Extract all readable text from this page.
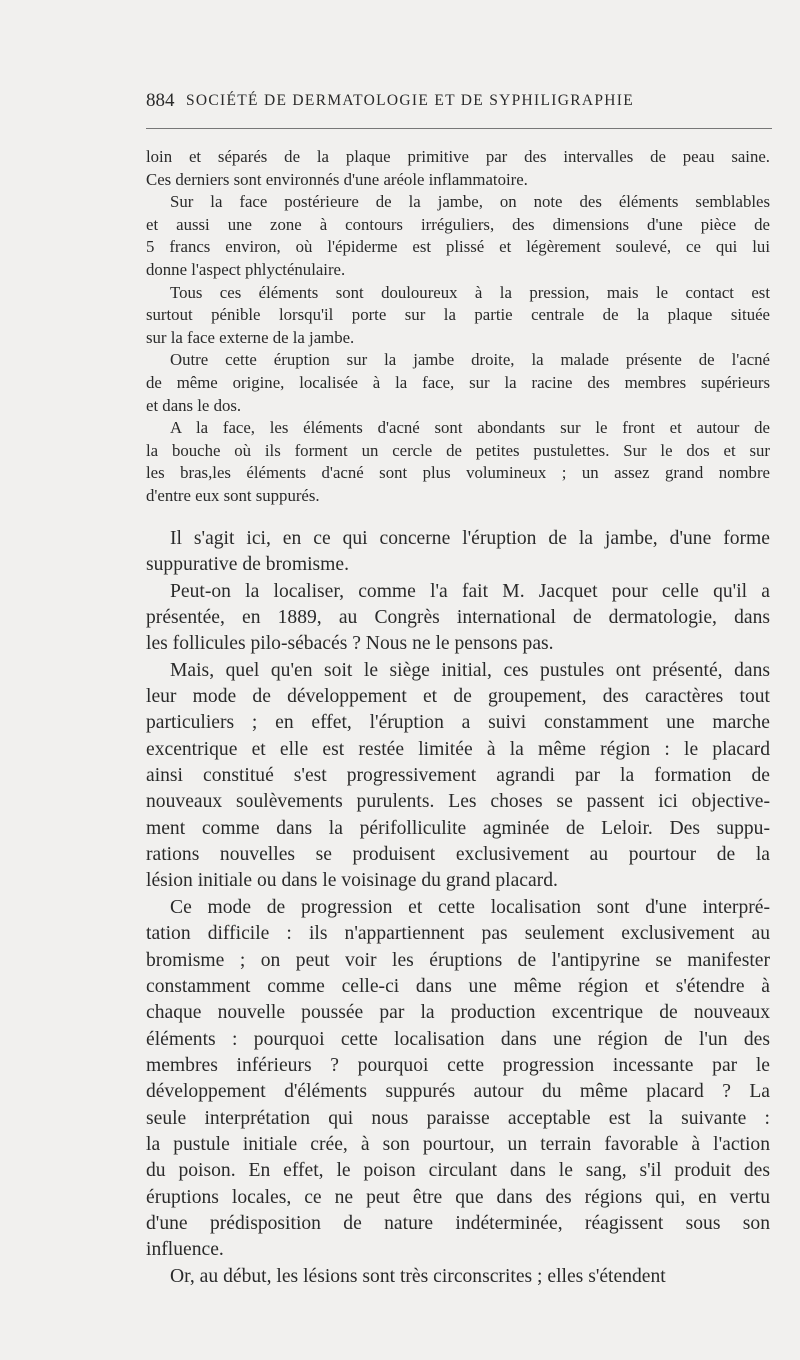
884 SOCIÉTÉ DE DERMATOLOGIE ET DE SYPHILIGRAPHIE
loin et séparés de la plaque primitive par des intervalles de peau saine.
Ces derniers sont environnés d'une aréole inflammatoire.
Sur la face postérieure de la jambe, on note des éléments semblables
et aussi une zone à contours irréguliers, des dimensions d'une pièce de
5 francs environ, où l'épiderme est plissé et légèrement soulevé, ce qui lui
donne l'aspect phlycténulaire.
Tous ces éléments sont douloureux à la pression, mais le contact est
surtout pénible lorsqu'il porte sur la partie centrale de la plaque située
sur la face externe de la jambe.
Outre cette éruption sur la jambe droite, la malade présente de l'acné
de même origine, localisée à la face, sur la racine des membres supérieurs
et dans le dos.
A la face, les éléments d'acné sont abondants sur le front et autour de
la bouche où ils forment un cercle de petites pustulettes. Sur le dos et sur
les bras,les éléments d'acné sont plus volumineux ; un assez grand nombre
d'entre eux sont suppurés.
Il s'agit ici, en ce qui concerne l'éruption de la jambe, d'une forme
suppurative de bromisme.
Peut-on la localiser, comme l'a fait M. Jacquet pour celle qu'il a
présentée, en 1889, au Congrès international de dermatologie, dans
les follicules pilo-sébacés ? Nous ne le pensons pas.
Mais, quel qu'en soit le siège initial, ces pustules ont présenté, dans
leur mode de développement et de groupement, des caractères tout
particuliers ; en effet, l'éruption a suivi constamment une marche
excentrique et elle est restée limitée à la même région : le placard
ainsi constitué s'est progressivement agrandi par la formation de
nouveaux soulèvements purulents. Les choses se passent ici objective-
ment comme dans la périfolliculite agminée de Leloir. Des suppu-
rations nouvelles se produisent exclusivement au pourtour de la
lésion initiale ou dans le voisinage du grand placard.
Ce mode de progression et cette localisation sont d'une interpré-
tation difficile : ils n'appartiennent pas seulement exclusivement au
bromisme ; on peut voir les éruptions de l'antipyrine se manifester
constamment comme celle-ci dans une même région et s'étendre à
chaque nouvelle poussée par la production excentrique de nouveaux
éléments : pourquoi cette localisation dans une région de l'un des
membres inférieurs ? pourquoi cette progression incessante par le
développement d'éléments suppurés autour du même placard ? La
seule interprétation qui nous paraisse acceptable est la suivante :
la pustule initiale crée, à son pourtour, un terrain favorable à l'action
du poison. En effet, le poison circulant dans le sang, s'il produit des
éruptions locales, ce ne peut être que dans des régions qui, en vertu
d'une prédisposition de nature indéterminée, réagissent sous son
influence.
Or, au début, les lésions sont très circonscrites ; elles s'étendent
